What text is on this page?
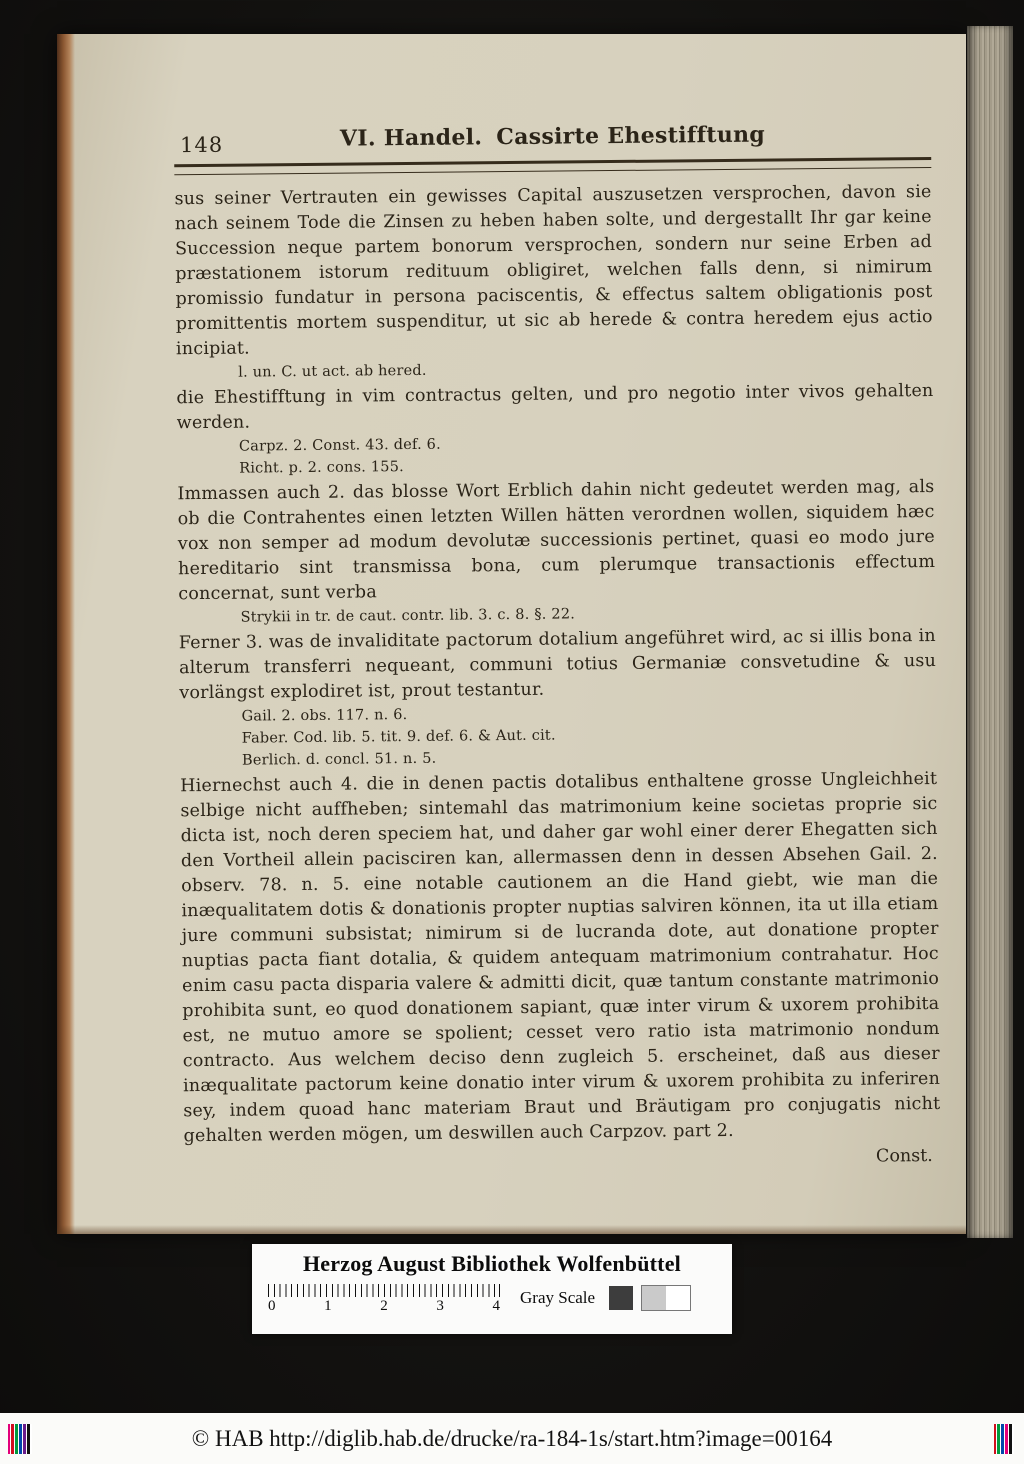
148	VI. Handel. Cassirte Ehestifftung
sus seiner Vertrauten ein gewisses Capital auszusetzen versprochen, davon sie nach seinem Tode die Zinsen zu heben haben solte, und dergestallt Ihr gar keine Succession neque partem bonorum versprochen, sondern nur seine Erben ad præstationem istorum redituum obligiret, welchen falls denn, si nimirum promissio fundatur in persona paciscentis, & effectus saltem obligationis post promittentis mortem suspenditur, ut sic ab herede & contra heredem ejus actio incipiat.
l. un. C. ut act. ab hered.
die Ehestifftung in vim contractus gelten, und pro negotio inter vivos gehalten werden.
Carpz. 2. Const. 43. def. 6.
Richt. p. 2. cons. 155.
Immassen auch 2. das blosse Wort Erblich dahin nicht gedeutet werden mag, als ob die Contrahentes einen letzten Willen hätten verordnen wollen, siquidem hæc vox non semper ad modum devolutæ successionis pertinet, quasi eo modo jure hereditario sint transmissa bona, cum plerumque transactionis effectum concernat, sunt verba
Strykii in tr. de caut. contr. lib. 3. c. 8. §. 22.
Ferner 3. was de invaliditate pactorum dotalium angeführet wird, ac si illis bona in alterum transferri nequeant, communi totius Germaniæ consvetudine & usu vorlängst explodiret ist, prout testantur.
Gail. 2. obs. 117. n. 6.
Faber. Cod. lib. 5. tit. 9. def. 6. & Aut. cit.
Berlich. d. concl. 51. n. 5.
Hiernechst auch 4. die in denen pactis dotalibus enthaltene grosse Ungleichheit selbige nicht auffheben; sintemahl das matrimonium keine societas proprie sic dicta ist, noch deren speciem hat, und daher gar wohl einer derer Ehegatten sich den Vortheil allein pacisciren kan, allermassen denn in dessen Absehen Gail. 2. observ. 78. n. 5. eine notable cautionem an die Hand giebt, wie man die inæqualitatem dotis & donationis propter nuptias salviren können, ita ut illa etiam jure communi subsistat; nimirum si de lucranda dote, aut donatione propter nuptias pacta fiant dotalia, & quidem antequam matrimonium contrahatur. Hoc enim casu pacta disparia valere & admitti dicit, quæ tantum constante matrimonio prohibita sunt, eo quod donationem sapiant, quæ inter virum & uxorem prohibita est, ne mutuo amore se spolient; cesset vero ratio ista matrimonio nondum contracto. Aus welchem deciso denn zugleich 5. erscheinet, daß aus dieser inæqualitate pactorum keine donatio inter virum & uxorem prohibita zu inferiren sey, indem quoad hanc materiam Braut und Bräutigam pro conjugatis nicht gehalten werden mögen, um deswillen auch Carpzov. part 2.
Const.
Herzog August Bibliothek Wolfenbüttel
0	1	2	3	4 Gray Scale
© HAB http://diglib.hab.de/drucke/ra-184-1s/start.htm?image=00164
